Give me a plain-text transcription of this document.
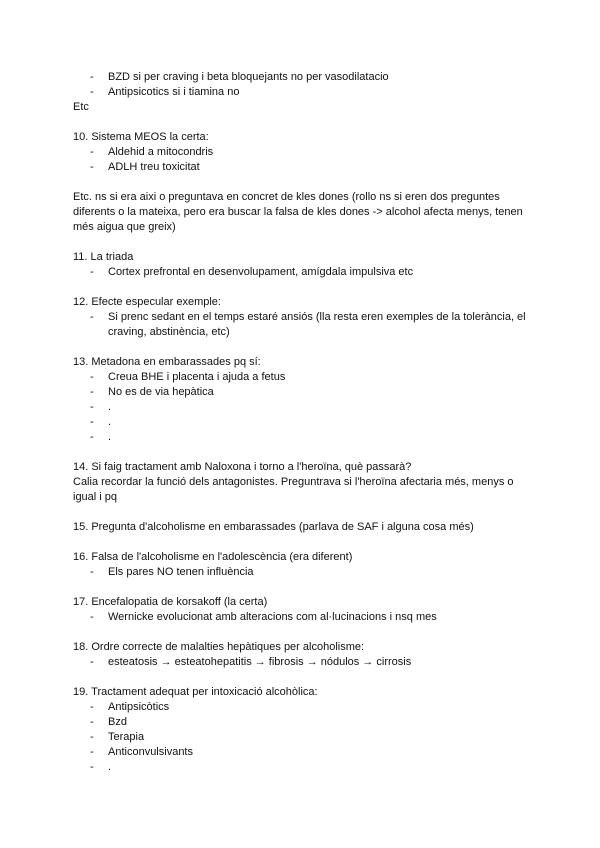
- BZD si per craving i beta bloquejants no per vasodilatacio
- Antipsicotics si i tiamina no
Etc
10. Sistema MEOS la certa:
- Aldehid a mitocondris
- ADLH treu toxicitat
Etc. ns si era aixi o preguntava en concret de kles dones (rollo ns si eren dos preguntes diferents o la mateixa, pero era buscar la falsa de kles dones -> alcohol afecta menys, tenen més aigua que greix)
11. La triada
- Cortex prefrontal en desenvolupament, amígdala impulsiva etc
12. Efecte especular exemple:
- Si prenc sedant en el temps estaré ansiós (lla resta eren exemples de la tolerància, el craving, abstinència, etc)
13. Metadona en embarassades pq sí:
- Creua BHE i placenta i ajuda a fetus
- No es de via hepàtica
- .
- .
- .
14. Si faig tractament amb Naloxona i torno a l'heroïna, què passarà?
Calia recordar la funció dels antagonistes. Preguntrava si l'heroïna afectaria més, menys o igual i pq
15. Pregunta d'alcoholisme en embarassades (parlava de SAF i alguna cosa més)
16. Falsa de l'alcoholisme en l'adolescència (era diferent)
- Els pares NO tenen influència
17. Encefalopatia de korsakoff (la certa)
- Wernicke evolucionat amb alteracions com al·lucinacions i nsq mes
18. Ordre correcte de malalties hepàtiques per alcoholisme:
- esteatosis → esteatohepatitis → fibrosis → nódulos → cirrosis
19. Tractament adequat per intoxicació alcohòlica:
- Antipsicòtics
- Bzd
- Terapia
- Anticonvulsivants
- .
